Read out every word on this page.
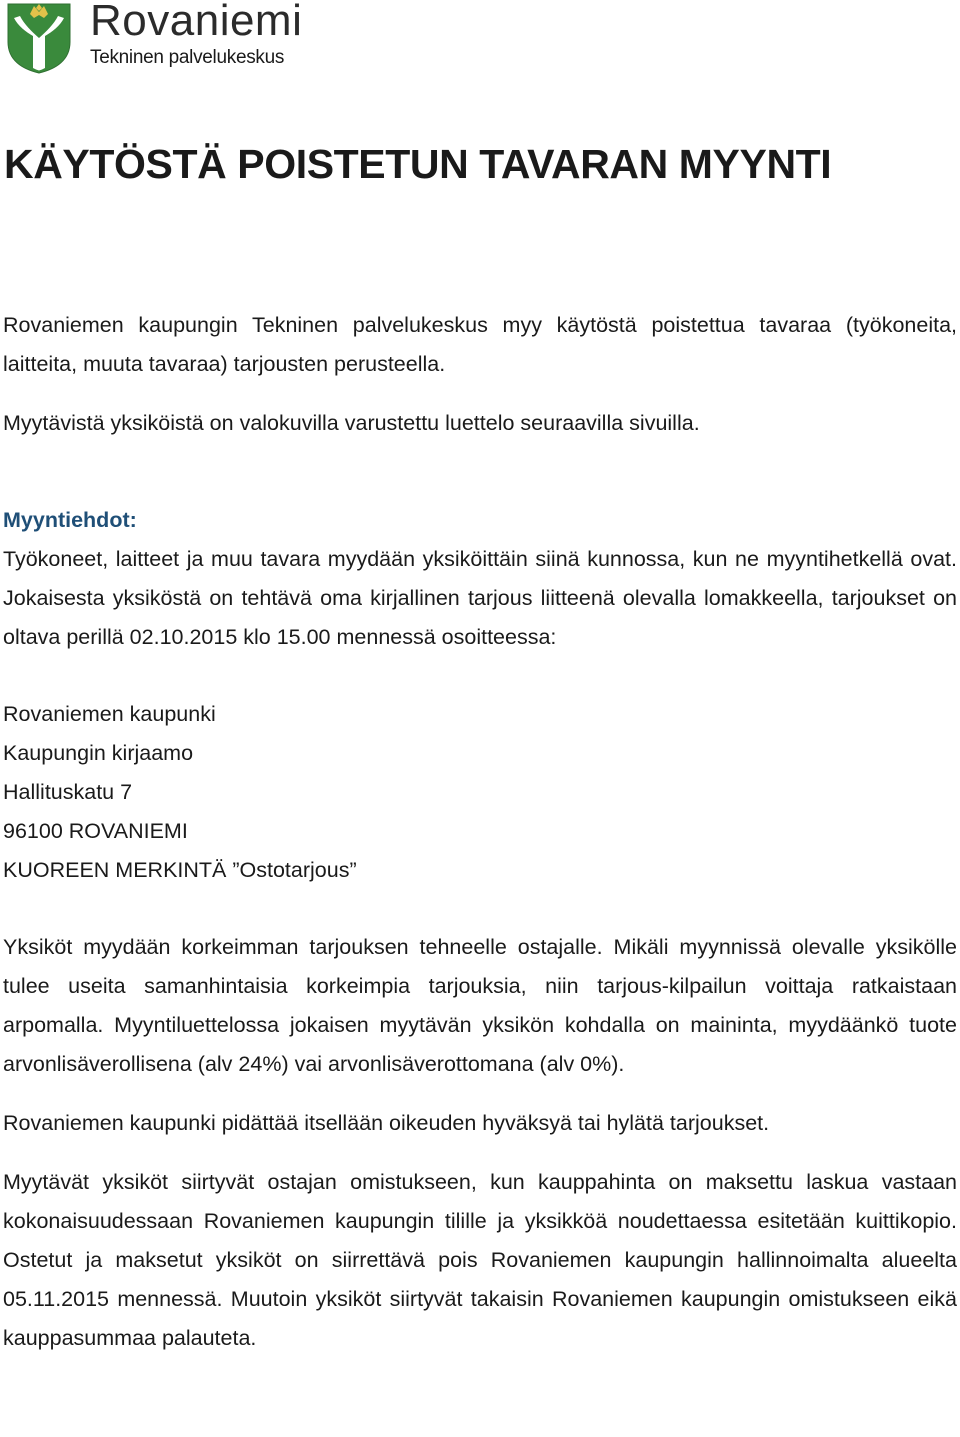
Rovaniemi
Tekninen palvelukeskus
KÄYTÖSTÄ POISTETUN TAVARAN MYYNTI

Rovaniemen kaupungin Tekninen palvelukeskus myy käytöstä poistettua tavaraa (työkoneita, laitteita, muuta tavaraa) tarjousten perusteella.

Myytävistä yksiköistä on valokuvilla varustettu luettelo seuraavilla sivuilla.

Myyntiehdot:

Työkoneet, laitteet ja muu tavara myydään yksiköittäin siinä kunnossa, kun ne myyntihetkellä ovat. Jokaisesta yksiköstä on tehtävä oma kirjallinen tarjous liitteenä olevalla lomakkeella, tarjoukset on oltava perillä 02.10.2015 klo 15.00 mennessä osoitteessa:

Rovaniemen kaupunki

Kaupungin kirjaamo

Hallituskatu 7

96100 ROVANIEMI

KUOREEN MERKINTÄ ”Ostotarjous”

Yksiköt myydään korkeimman tarjouksen tehneelle ostajalle. Mikäli myynnissä olevalle yksikölle tulee useita samanhintaisia korkeimpia tarjouksia, niin tarjous-kilpailun voittaja ratkaistaan arpomalla. Myyntiluettelossa jokaisen myytävän yksikön kohdalla on maininta, myydäänkö tuote arvonlisäverollisena (alv 24%) vai arvonlisäverottomana (alv 0%).

Rovaniemen kaupunki pidättää itsellään oikeuden hyväksyä tai hylätä tarjoukset.

Myytävät yksiköt siirtyvät ostajan omistukseen, kun kauppahinta on maksettu laskua vastaan kokonaisuudessaan Rovaniemen kaupungin tilille ja yksikköä noudettaessa esitetään kuittikopio. Ostetut ja maksetut yksiköt on siirrettävä pois Rovaniemen kaupungin hallinnoimalta alueelta 05.11.2015 mennessä. Muutoin yksiköt siirtyvät takaisin Rovaniemen kaupungin omistukseen eikä kauppasummaa palauteta.
